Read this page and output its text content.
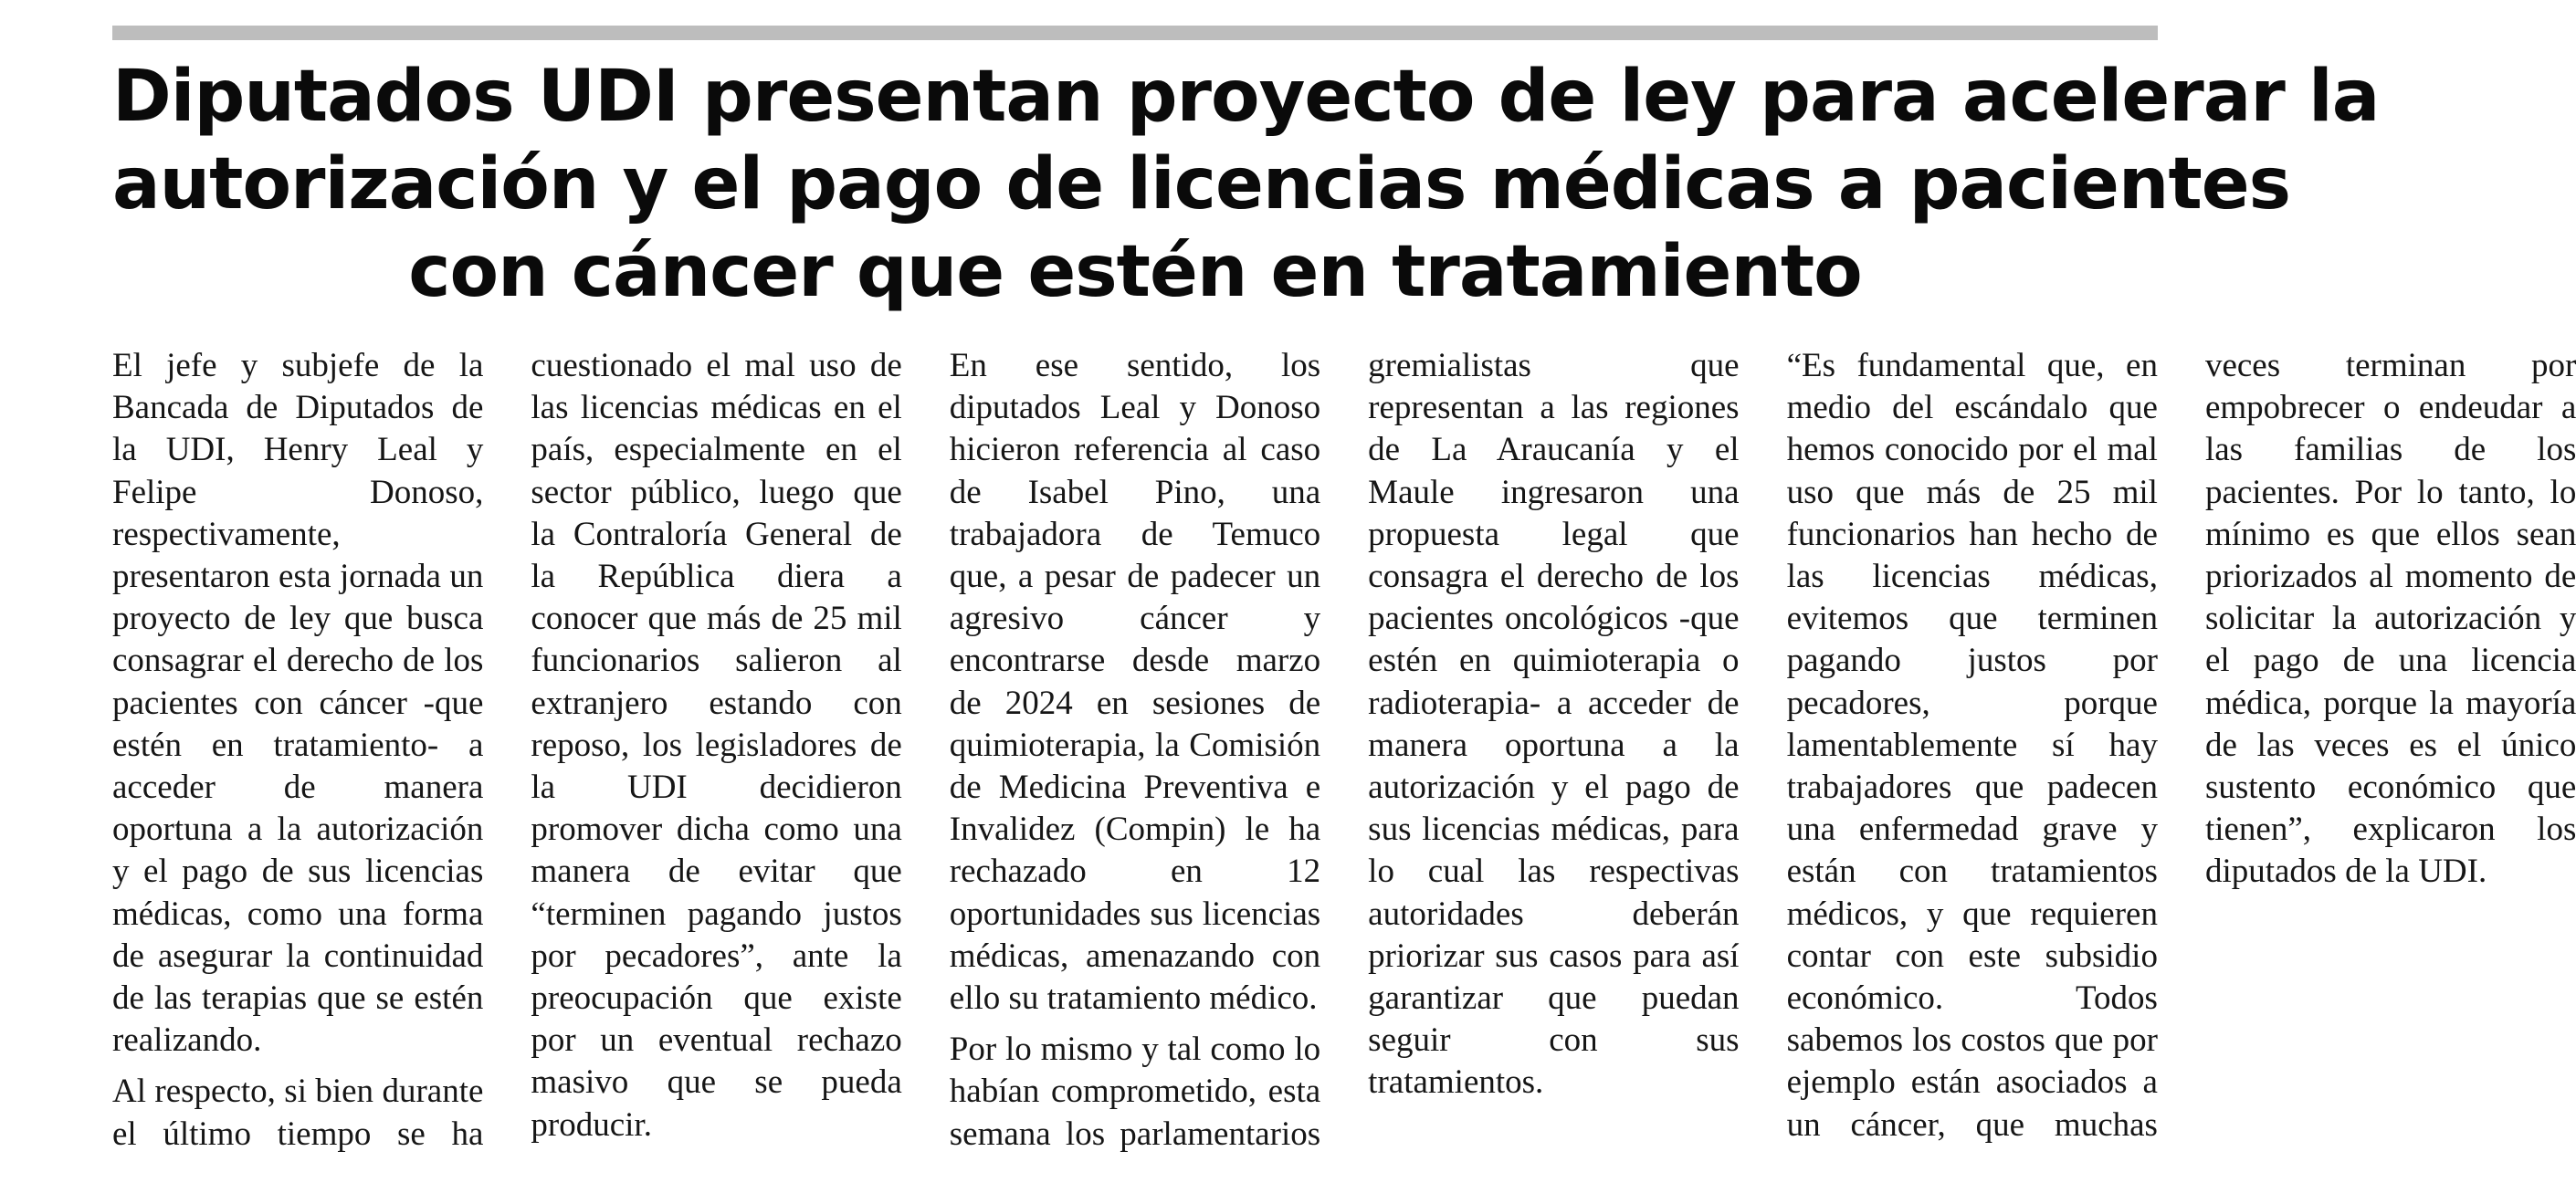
Diputados UDI presentan proyecto de ley para acelerar la
autorización y el pago de licencias médicas a pacientes
con cáncer que estén en tratamiento

El jefe y subjefe de la Bancada de Diputados de la UDI, Henry Leal y Felipe Donoso, respectivamente, presentaron esta jornada un proyecto de ley que busca consagrar el derecho de los pacientes con cáncer -que estén en tratamiento- a acceder de manera oportuna a la autorización y el pago de sus licencias médicas, como una forma de asegurar la continuidad de las terapias que se estén realizando.

Al respecto, si bien durante el último tiempo se ha cuestionado el mal uso de las licencias médicas en el país, especialmente en el sector público, luego que la Contraloría General de la República diera a conocer que más de 25 mil funcionarios salieron al extranjero estando con reposo, los legisladores de la UDI decidieron promover dicha como una manera de evitar que “terminen pagando justos por pecadores”, ante la preocupación que existe por un eventual rechazo masivo que se pueda producir.

En ese sentido, los diputados Leal y Donoso hicieron referencia al caso de Isabel Pino, una trabajadora de Temuco que, a pesar de padecer un agresivo cáncer y encontrarse desde marzo de 2024 en sesiones de quimioterapia, la Comisión de Medicina Preventiva e Invalidez (Compin) le ha rechazado en 12 oportunidades sus licencias médicas, amenazando con ello su tratamiento médico.

Por lo mismo y tal como lo habían comprometido, esta semana los parlamentarios gremialistas que representan a las regiones de La Araucanía y el Maule ingresaron una propuesta legal que consagra el derecho de los pacientes oncológicos -que estén en quimioterapia o radioterapia- a acceder de manera oportuna a la autorización y el pago de sus licencias médicas, para lo cual las respectivas autoridades deberán priorizar sus casos para así garantizar que puedan seguir con sus tratamientos.

“Es fundamental que, en medio del escándalo que hemos conocido por el mal uso que más de 25 mil funcionarios han hecho de las licencias médicas, evitemos que terminen pagando justos por pecadores, porque lamentablemente sí hay trabajadores que padecen una enfermedad grave y están con tratamientos médicos, y que requieren contar con este subsidio económico. Todos sabemos los costos que por ejemplo están asociados a un cáncer, que muchas veces terminan por empobrecer o endeudar a las familias de los pacientes. Por lo tanto, lo mínimo es que ellos sean priorizados al momento de solicitar la autorización y el pago de una licencia médica, porque la mayoría de las veces es el único sustento económico que tienen”, explicaron los diputados de la UDI.
